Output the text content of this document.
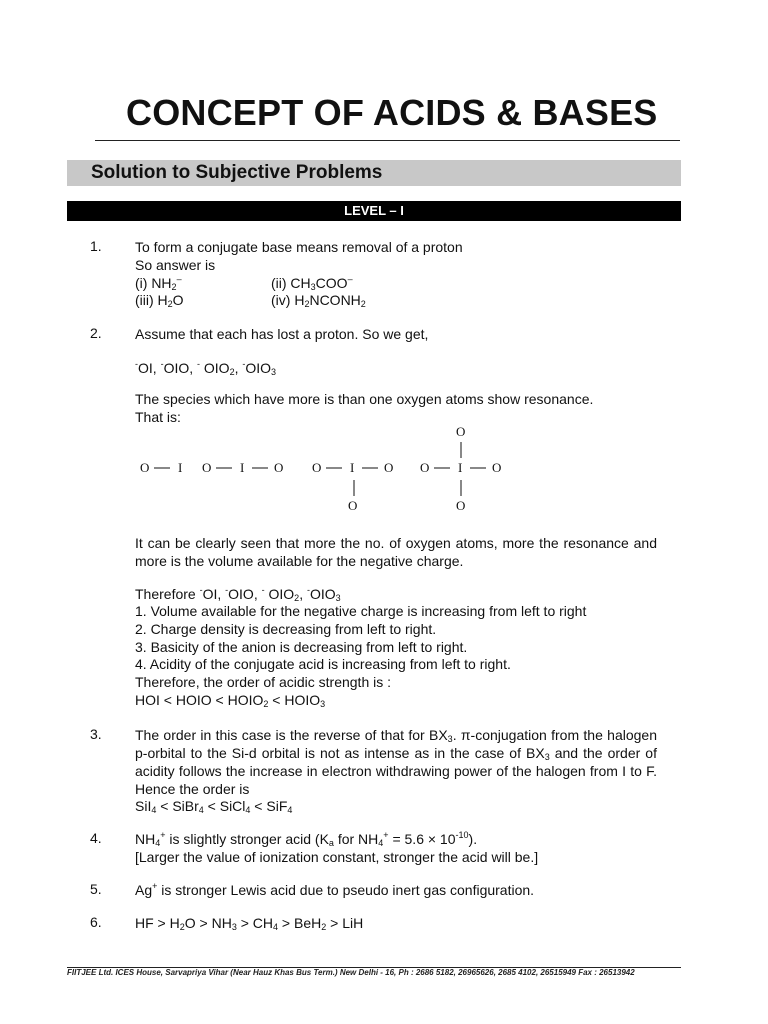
CONCEPT OF ACIDS & BASES
Solution to Subjective Problems
LEVEL – I
1. To form a conjugate base means removal of a proton
So answer is
(i) $NH_2^-$	(ii) $CH_3COO^-$
(iii) $H_2O$	(iv) $H_2NCONH_2$
2. Assume that each has lost a proton. So we get,
-OI, -OIO, - $OIO_2$, $^-OIO_3$
The species which have more is than one oxygen atoms show resonance.
That is:
O I O I O O I O
O
O I O
O
O
It can be clearly seen that more the no. of oxygen atoms, more the resonance and more is the volume available for the negative charge.
Therefore -OI, -OIO, - $OIO_2$, $^-OIO_3$
1. Volume available for the negative charge is increasing from left to right
2. Charge density is decreasing from left to right.
3. Basicity of the anion is decreasing from left to right.
4. Acidity of the conjugate acid is increasing from left to right.
Therefore, the order of acidic strength is :
HOI < HOIO < $HOIO_2$ < $HOIO_3$
3. The order in this case is the reverse of that for $BX_3$. π-conjugation from the halogen p-orbital to the Si-d orbital is not as intense as in the case of $BX_3$ and the order of acidity follows the increase in electron withdrawing power of the halogen from I to F. Hence the order is
SiI$_4$ < SiBr$_4$ < SiCl$_4$ < SiF$_4$
4. $NH_4^+$ is slightly stronger acid ($K_a$ for $NH_4^+ = 5.6 \times 10^{-10}$).
[Larger the value of ionization constant, stronger the acid will be.]
5. Ag+ is stronger Lewis acid due to pseudo inert gas configuration.
6. HF > $H_2O > NH_3 > CH_4 > BeH_2$ > LiH
FIITJEE Ltd. ICES House, Sarvapriya Vihar (Near Hauz Khas Bus Term.) New Delhi - 16, Ph : 2686 5182, 26965626, 2685 4102, 26515949 Fax : 26513942
